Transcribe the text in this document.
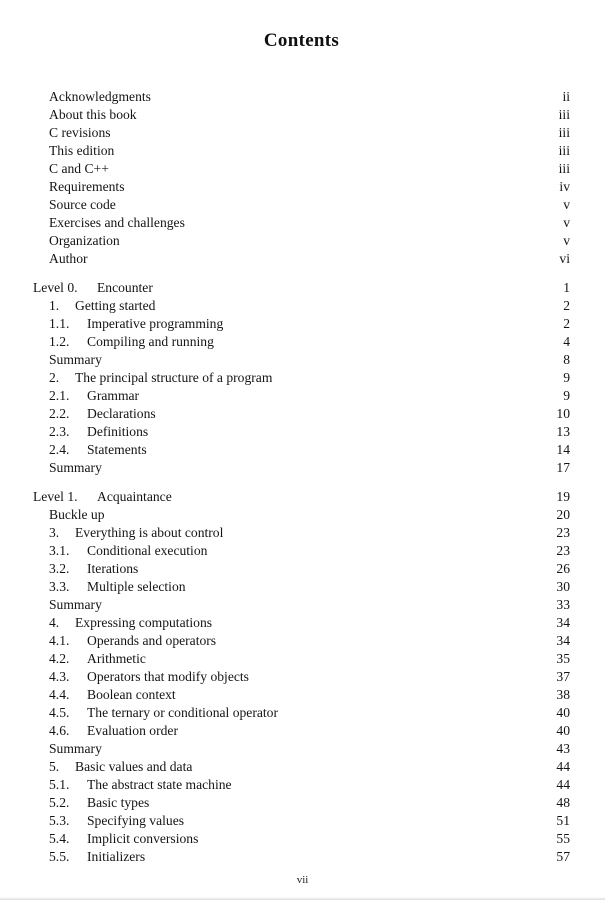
Contents
Acknowledgments	ii
About this book	iii
C revisions	iii
This edition	iii
C and C++	iii
Requirements	iv
Source code	v
Exercises and challenges	v
Organization	v
Author	vi
Level 0.	Encounter	1
1.	Getting started	2
1.1.	Imperative programming	2
1.2.	Compiling and running	4
Summary	8
2.	The principal structure of a program	9
2.1.	Grammar	9
2.2.	Declarations	10
2.3.	Definitions	13
2.4.	Statements	14
Summary	17
Level 1.	Acquaintance	19
Buckle up	20
3.	Everything is about control	23
3.1.	Conditional execution	23
3.2.	Iterations	26
3.3.	Multiple selection	30
Summary	33
4.	Expressing computations	34
4.1.	Operands and operators	34
4.2.	Arithmetic	35
4.3.	Operators that modify objects	37
4.4.	Boolean context	38
4.5.	The ternary or conditional operator	40
4.6.	Evaluation order	40
Summary	43
5.	Basic values and data	44
5.1.	The abstract state machine	44
5.2.	Basic types	48
5.3.	Specifying values	51
5.4.	Implicit conversions	55
5.5.	Initializers	57
vii
